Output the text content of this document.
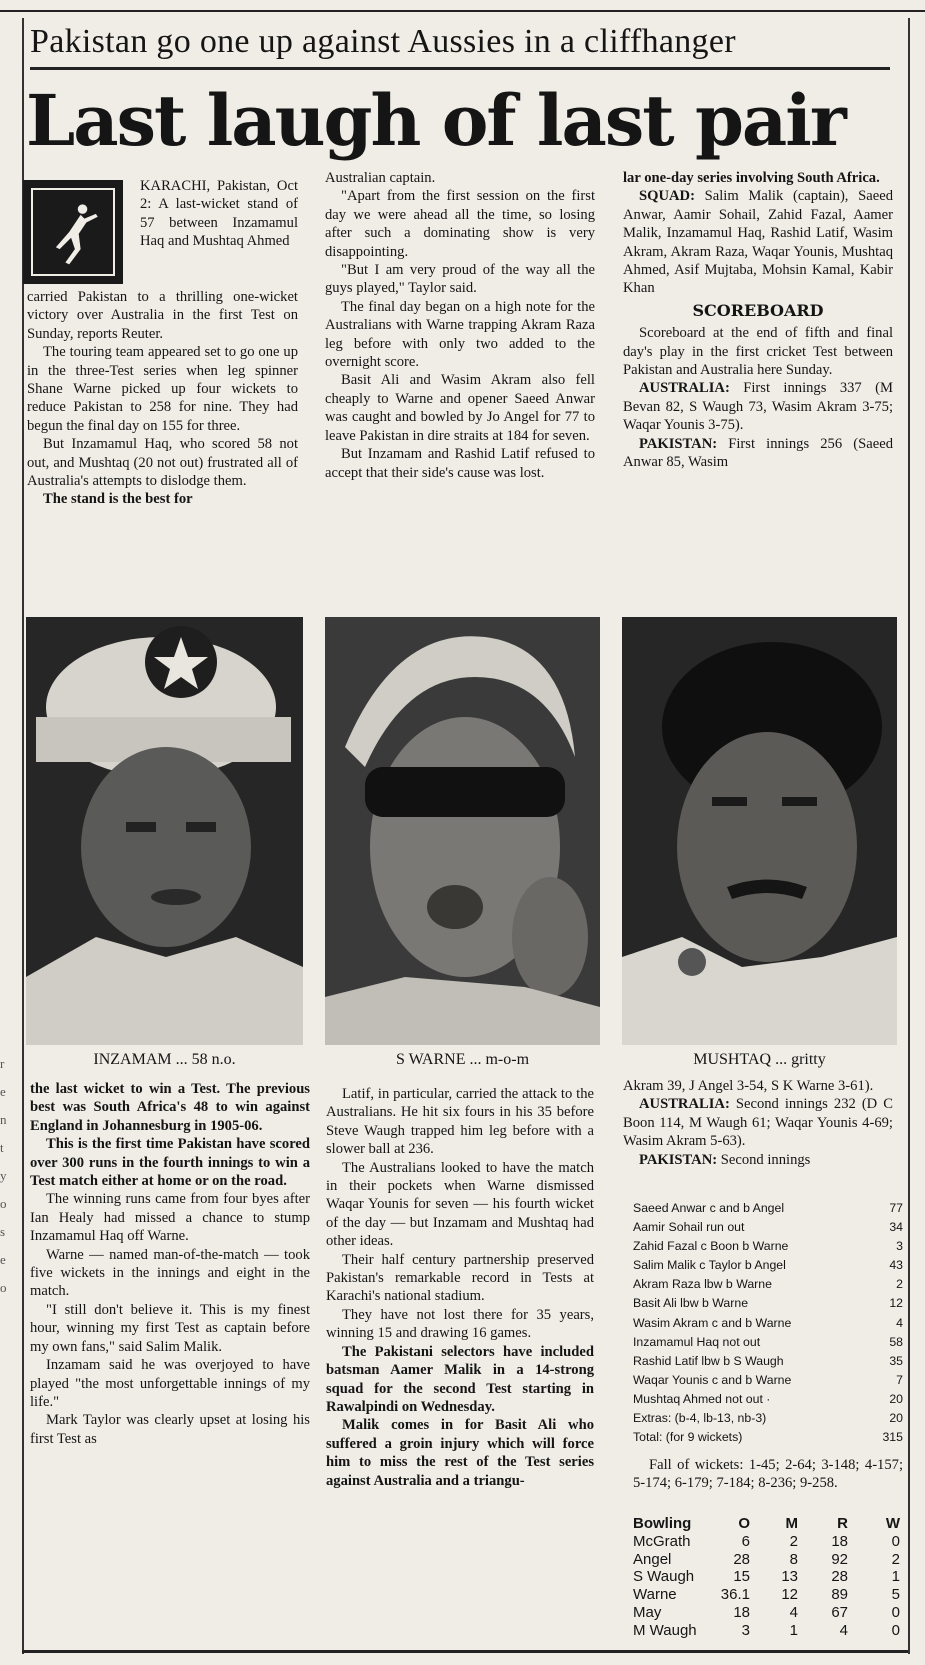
Pakistan go one up against Aussies in a cliffhanger
Last laugh of last pair

KARACHI, Pakistan, Oct 2: A last-wicket stand of 57 between Inzamamul Haq and Mushtaq Ahmed

carried Pakistan to a thrilling one-wicket victory over Australia in the first Test on Sunday, reports Reuter.

The touring team appeared set to go one up in the three-Test series when leg spinner Shane Warne picked up four wickets to reduce Pakistan to 258 for nine. They had begun the final day on 155 for three.

But Inzamamul Haq, who scored 58 not out, and Mushtaq (20 not out) frustrated all of Australia's attempts to dislodge them.

The stand is the best for

Australian captain.

"Apart from the first session on the first day we were ahead all the time, so losing after such a dominating show is very disappointing.

"But I am very proud of the way all the guys played," Taylor said.

The final day began on a high note for the Australians with Warne trapping Akram Raza leg before with only two added to the overnight score.

Basit Ali and Wasim Akram also fell cheaply to Warne and opener Saeed Anwar was caught and bowled by Jo Angel for 77 to leave Pakistan in dire straits at 184 for seven.

But Inzamam and Rashid Latif refused to accept that their side's cause was lost.

lar one-day series involving South Africa.

SQUAD: Salim Malik (captain), Saeed Anwar, Aamir Sohail, Zahid Fazal, Aamer Malik, Inzamamul Haq, Rashid Latif, Wasim Akram, Akram Raza, Waqar Younis, Mushtaq Ahmed, Asif Mujtaba, Mohsin Kamal, Kabir Khan

SCOREBOARD

Scoreboard at the end of fifth and final day's play in the first cricket Test between Pakistan and Australia here Sunday.

AUSTRALIA: First innings 337 (M Bevan 82, S Waugh 73, Wasim Akram 3-75; Waqar Younis 3-75).

PAKISTAN: First innings 256 (Saeed Anwar 85, Wasim

INZAMAM ... 58 n.o.	S WARNE ... m-o-m	MUSHTAQ ... gritty

the last wicket to win a Test. The previous best was South Africa's 48 to win against England in Johannesburg in 1905-06.

This is the first time Pakistan have scored over 300 runs in the fourth innings to win a Test match either at home or on the road.

The winning runs came from four byes after Ian Healy had missed a chance to stump Inzamamul Haq off Warne.

Warne — named man-of-the-match — took five wickets in the innings and eight in the match.

"I still don't believe it. This is my finest hour, winning my first Test as captain before my own fans," said Salim Malik.

Inzamam said he was overjoyed to have played "the most unforgettable innings of my life."

Mark Taylor was clearly upset at losing his first Test as

Latif, in particular, carried the attack to the Australians. He hit six fours in his 35 before Steve Waugh trapped him leg before with a slower ball at 236.

The Australians looked to have the match in their pockets when Warne dismissed Waqar Younis for seven — his fourth wicket of the day — but Inzamam and Mushtaq had other ideas.

Their half century partnership preserved Pakistan's remarkable record in Tests at Karachi's national stadium.

They have not lost there for 35 years, winning 15 and drawing 16 games.

The Pakistani selectors have included batsman Aamer Malik in a 14-strong squad for the second Test starting in Rawalpindi on Wednesday.

Malik comes in for Basit Ali who suffered a groin injury which will force him to miss the rest of the Test series against Australia and a triangu-

Akram 39, J Angel 3-54, S K Warne 3-61).

AUSTRALIA: Second innings 232 (D C Boon 114, M Waugh 61; Waqar Younis 4-69; Wasim Akram 5-63).

PAKISTAN: Second innings

Saeed Anwar c and b Angel	77
Aamir Sohail run out	34
Zahid Fazal c Boon b Warne	3
Salim Malik c Taylor b Angel	43
Akram Raza lbw b Warne	2
Basit Ali lbw b Warne	12
Wasim Akram c and b Warne	4
Inzamamul Haq not out	58
Rashid Latif lbw b S Waugh	35
Waqar Younis c and b Warne	7
Mushtaq Ahmed not out ·	20
Extras: (b-4, lb-13, nb-3)	20
Total: (for 9 wickets)	315

Fall of wickets: 1-45; 2-64; 3-148; 4-157; 5-174; 6-179; 7-184; 8-236; 9-258.

Bowling	O	M	R	W
McGrath	6	2	18	0
Angel	28	8	92	2
S Waugh	15	13	28	1
Warne	36.1	12	89	5
May	18	4	67	0
M Waugh	3	1	4	0
r
e
n
t
y
o
s
e
o
